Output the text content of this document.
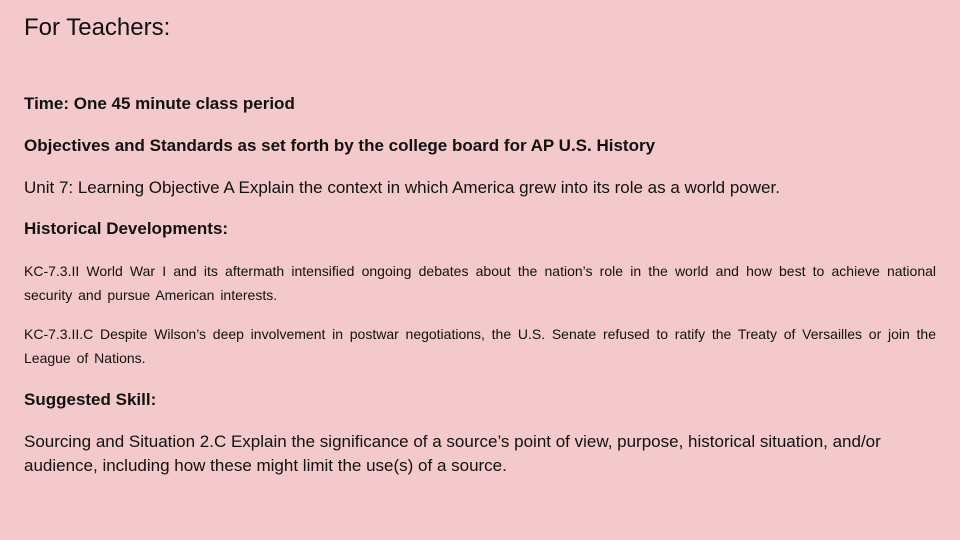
For Teachers:

Time: One 45 minute class period

Objectives and Standards as set forth by the college board for AP U.S. History

Unit 7: Learning Objective A Explain the context in which America grew into its role as a world power.

Historical Developments:

KC-7.3.II World War I and its aftermath intensified ongoing debates about the nation’s role in the world and how best to achieve national security and pursue American interests.

KC-7.3.II.C Despite Wilson’s deep involvement in postwar negotiations, the U.S. Senate refused to ratify the Treaty of Versailles or join the League of Nations.

Suggested Skill:

Sourcing and Situation 2.C Explain the significance of a source’s point of view, purpose, historical situation, and/or audience, including how these might limit the use(s) of a source.
